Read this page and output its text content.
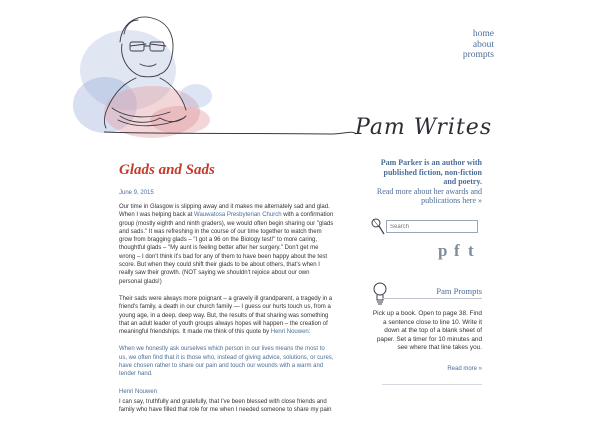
Pam Writes
home
about
prompts
Glads and Sads
June 9, 2015

Our time in Glasgow is slipping away and it makes me alternately sad and glad. When I was helping back at Wauwatosa Presbyterian Church with a confirmation group (mostly eighth and ninth graders), we would often begin sharing our "glads and sads." It was refreshing in the course of our time together to watch them grow from bragging glads – "I got a 96 on the Biology test!" to more caring, thoughtful glads – "My aunt is feeling better after her surgery." Don't get me wrong – I don't think it's bad for any of them to have been happy about the test score. But when they could shift their glads to be about others, that's when I really saw their growth. (NOT saying we shouldn't rejoice about our own personal glads!)

Their sads were always more poignant – a gravely ill grandparent, a tragedy in a friend's family, a death in our church family — I guess our hurts touch us, from a young age, in a deep, deep way. But, the results of that sharing was something that an adult leader of youth groups always hopes will happen – the creation of meaningful friendships. It made me think of this quote by Henri Nouwen:

When we honestly ask ourselves which person in our lives means the most to us, we often find that it is those who, instead of giving advice, solutions, or cures, have chosen rather to share our pain and touch our wounds with a warm and tender hand.

Henri Nouwen

I can say, truthfully and gratefully, that I've been blessed with close friends and family who have filled that role for me when I needed someone to share my pain

Pam Parker is an author with published fiction, non-fiction and poetry.
Read more about her awards and publications here »
Search
p f t
Pam Prompts
Pick up a book. Open to page 38. Find a sentence close to line 10. Write it down at the top of a blank sheet of paper. Set a timer for 10 minutes and see where that line takes you.
Read more »
